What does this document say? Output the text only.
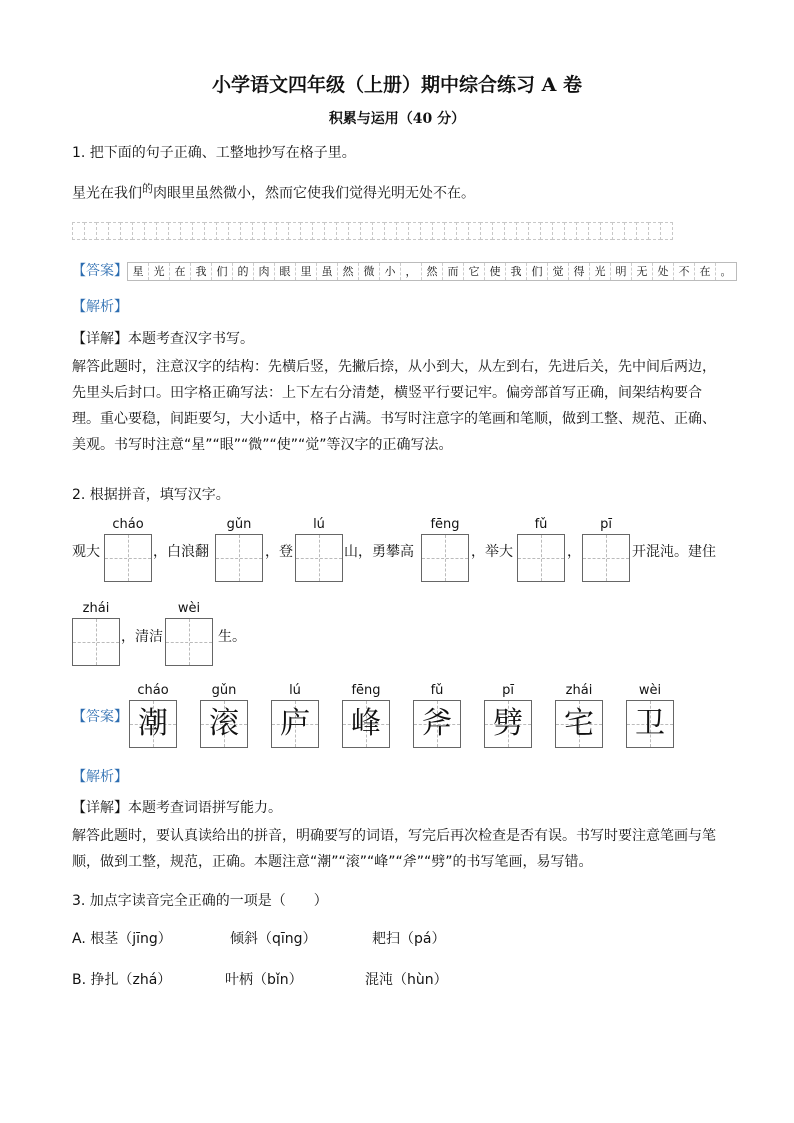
小学语文四年级（上册）期中综合练习 A 卷
积累与运用（40 分）
1. 把下面的句子正确、工整地抄写在格子里。
星光在我们$^的$肉眼里虽然微小，然而它使我们觉得光明无处不在。
【答案】 星 光 在 我 们 的 肉 眼 里 虽 然 微 小 ， 然 而 它 使 我 们 觉 得 光 明 无 处 不 在 。
【解析】
【详解】本题考查汉字书写。
解答此题时，注意汉字的结构：先横后竖，先撇后捺，从小到大，从左到右，先进后关，先中间后两边，先里头后封口。田字格正确写法：上下左右分清楚，横竖平行要记牢。偏旁部首写正确，间架结构要合理。重心要稳，间距要匀，大小适中，格子占满。书写时注意字的笔画和笔顺，做到工整、规范、正确、美观。书写时注意“星”“眼”“微”“使”“觉”等汉字的正确写法。
2. 根据拼音，填写汉字。
观大	，白浪翻	，登	山，勇攀高	，举大	，	开混沌。建住
cháo	gǔn	lú	fēng	fǔ	pī
zhái
，清洁
wèi
生。
【答案】
cháo
潮
gǔn
滚
lú
庐
fēng
峰
fǔ
斧
pī
劈
zhái
宅
wèi
卫
【解析】
【详解】本题考查词语拼写能力。
解答此题时，要认真读给出的拼音，明确要写的词语，写完后再次检查是否有误。书写时要注意笔画与笔顺，做到工整，规范，正确。本题注意“潮”“滚”“峰”“斧”“劈”的书写笔画，易写错。
3. 加点字读音完全正确的一项是（　　）
A. 根茎（jīng）	倾斜（qīng）	耙扫（pá）
B. 挣扎（zhá）	叶柄（bǐn）	混沌（hùn）
